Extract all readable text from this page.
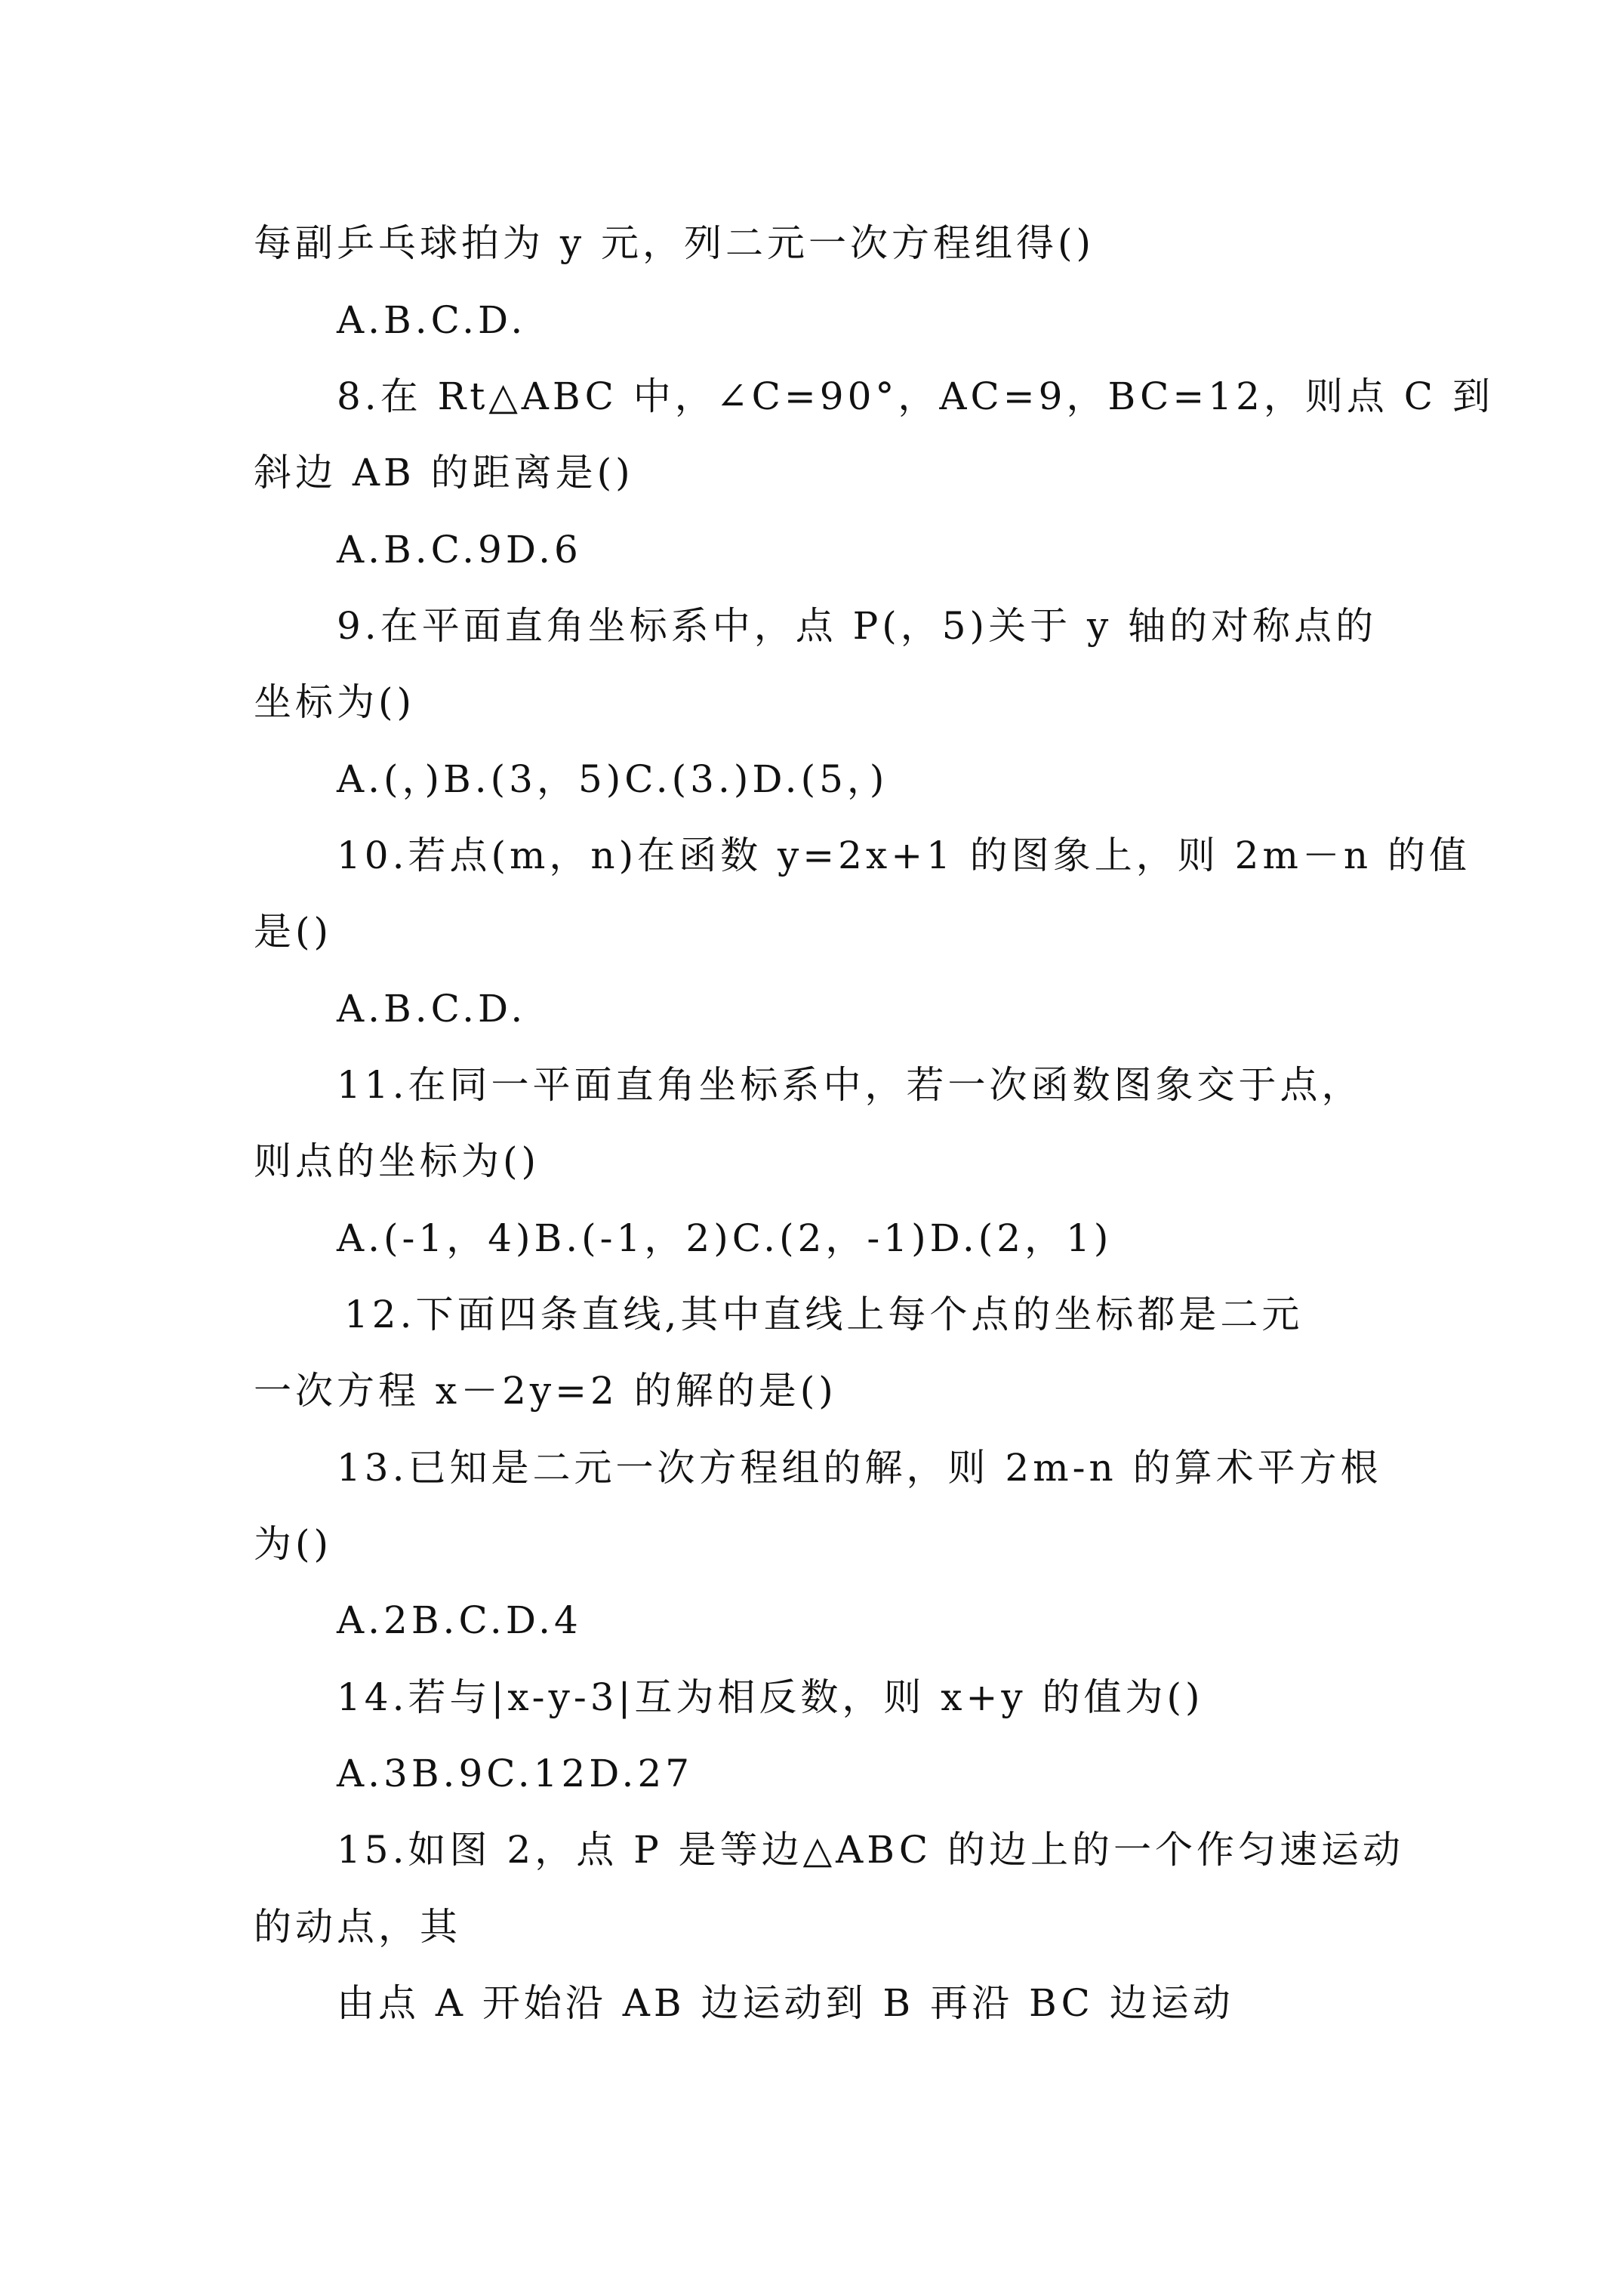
每副乒乓球拍为 y 元，列二元一次方程组得()
A.B.C.D.
8.在 Rt△ABC 中，∠C=90°，AC=9，BC=12，则点 C 到
斜边 AB 的距离是()
A.B.C.9D.6
9.在平面直角坐标系中，点 P(，5)关于 y 轴的对称点的
坐标为()
A.(，)B.(3，5)C.(3.)D.(5，)
10.若点(m，n)在函数 y=2x+1 的图象上，则 2m－n 的值
是()
A.B.C.D.
11.在同一平面直角坐标系中，若一次函数图象交于点，
则点的坐标为()
A.(-1，4)B.(-1，2)C.(2，-1)D.(2，1)
12.下面四条直线,其中直线上每个点的坐标都是二元
一次方程 x－2y=2 的解的是()
13.已知是二元一次方程组的解，则 2m-n 的算术平方根
为()
A.2B.C.D.4
14.若与|x-y-3|互为相反数，则 x+y 的值为()
A.3B.9C.12D.27
15.如图 2，点 P 是等边△ABC 的边上的一个作匀速运动
的动点，其
由点 A 开始沿 AB 边运动到 B 再沿 BC 边运动
